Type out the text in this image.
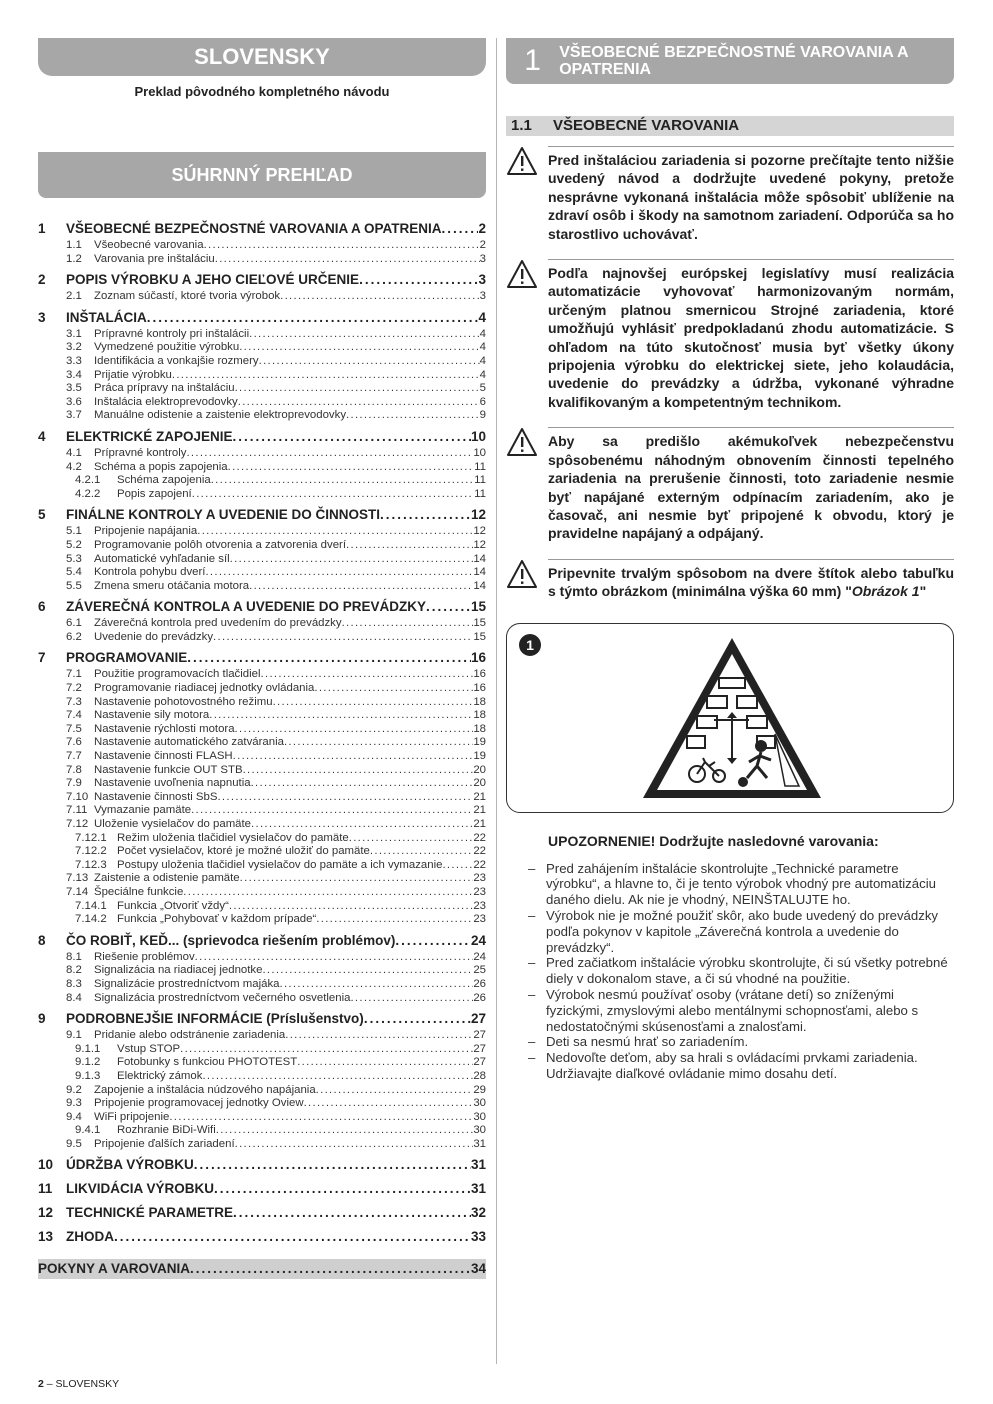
SLOVENSKY
Preklad pôvodného kompletného návodu
SÚHRNNÝ PREHĽAD
1	VŠEOBECNÉ BEZPEČNOSTNÉ VAROVANIA A OPATRENIA .....	2
1.1	Všeobecné varovania .....	2
1.2	Varovania pre inštaláciu .....	3
2	POPIS VÝROBKU A JEHO CIEĽOVÉ URČENIE .....	3
2.1	Zoznam súčastí, ktoré tvoria výrobok .....	3
3	INŠTALÁCIA .....	4
3.1	Prípravné kontroly pri inštalácii .....	4
3.2	Vymedzené použitie výrobku .....	4
3.3	Identifikácia a vonkajšie rozmery .....	4
3.4	Prijatie výrobku .....	4
3.5	Práca prípravy na inštaláciu .....	5
3.6	Inštalácia elektroprevodovky .....	6
3.7	Manuálne odistenie a zaistenie elektroprevodovky .....	9
4	ELEKTRICKÉ ZAPOJENIE .....	10
4.1	Prípravné kontroly .....	10
4.2	Schéma a popis zapojenia .....	11
4.2.1	Schéma zapojenia .....	11
4.2.2	Popis zapojení .....	11
5	FINÁLNE KONTROLY A UVEDENIE DO ČINNOSTI .....	12
5.1	Pripojenie napájania .....	12
5.2	Programovanie polôh otvorenia a zatvorenia dverí .....	12
5.3	Automatické vyhľadanie síl .....	14
5.4	Kontrola pohybu dverí .....	14
5.5	Zmena smeru otáčania motora .....	14
6	ZÁVEREČNÁ KONTROLA A UVEDENIE DO PREVÁDZKY .....	15
6.1	Záverečná kontrola pred uvedením do prevádzky .....	15
6.2	Uvedenie do prevádzky .....	15
7	PROGRAMOVANIE .....	16
7.1	Použitie programovacích tlačidiel .....	16
7.2	Programovanie riadiacej jednotky ovládania .....	16
7.3	Nastavenie pohotovostného režimu .....	18
7.4	Nastavenie sily motora .....	18
7.5	Nastavenie rýchlosti motora .....	18
7.6	Nastavenie automatického zatvárania .....	19
7.7	Nastavenie činnosti FLASH .....	19
7.8	Nastavenie funkcie OUT STB .....	20
7.9	Nastavenie uvoľnenia napnutia .....	20
7.10 Nastavenie činnosti SbS .....	21
7.11 Vymazanie pamäte .....	21
7.12 Uloženie vysielačov do pamäte .....	21
7.12.1 Režim uloženia tlačidiel vysielačov do pamäte .....	22
7.12.2 Počet vysielačov, ktoré je možné uložiť do pamäte .....	22
7.12.3 Postupy uloženia tlačidiel vysielačov do pamäte a ich vymazanie .....	22
7.13 Zaistenie a odistenie pamäte .....	23
7.14 Špeciálne funkcie .....	23
7.14.1 Funkcia „Otvoriť vždy“ .....	23
7.14.2 Funkcia „Pohybovať v každom prípade“ .....	23
8	ČO ROBIŤ, KEĎ... (sprievodca riešením problémov) .....	24
8.1	Riešenie problémov .....	24
8.2	Signalizácia na riadiacej jednotke .....	25
8.3	Signalizácie prostredníctvom majáka .....	26
8.4	Signalizácia prostredníctvom večerného osvetlenia .....	26
9	PODROBNEJŠIE INFORMÁCIE (Príslušenstvo) .....	27
9.1	Pridanie alebo odstránenie zariadenia .....	27
9.1.1	Vstup STOP .....	27
9.1.2	Fotobunky s funkciou PHOTOTEST .....	27
9.1.3	Elektrický zámok .....	28
9.2	Zapojenie a inštalácia núdzového napájania .....	29
9.3	Pripojenie programovacej jednotky Oview .....	30
9.4	WiFi pripojenie .....	30
9.4.1	Rozhranie BiDi-Wifi .....	30
9.5	Pripojenie ďalších zariadení .....	31
10 ÚDRŽBA VÝROBKU .....	31
11	LIKVIDÁCIA VÝROBKU .....	31
12 TECHNICKÉ PARAMETRE .....	32
13 ZHODA .....	33
POKYNY A VAROVANIA .....	34
1	VŠEOBECNÉ BEZPEČNOSTNÉ VAROVANIA A OPATRENIA
1.1 VŠEOBECNÉ VAROVANIA
Pred inštaláciou zariadenia si pozorne prečítajte tento nižšie uvedený návod a dodržujte uvedené pokyny, pretože nesprávne vykonaná inštalácia môže spôsobiť ublíženie na zdraví osôb i škody na samotnom zariadení. Odporúča sa ho starostlivo uchovávať.
Podľa najnovšej európskej legislatívy musí realizácia automatizácie vyhovovať harmonizovaným normám, určeným platnou smernicou Strojné zariadenia, ktoré umožňujú vyhlásiť predpokladanú zhodu automatizácie. S ohľadom na túto skutočnosť musia byť všetky úkony pripojenia výrobku do elektrickej siete, jeho kolaudácia, uvedenie do prevádzky a údržba, vykonané výhradne kvalifikovaným a kompetentným technikom.
Aby sa predišlo akémukoľvek nebezpečenstvu spôsobenému náhodným obnovením činnosti tepelného zariadenia na prerušenie činnosti, toto zariadenie nesmie byť napájané externým odpínacím zariadením, ako je časovač, ani nesmie byť pripojené k obvodu, ktorý je pravidelne napájaný a odpájaný.
Pripevnite trvalým spôsobom na dvere štítok alebo tabuľku s týmto obrázkom (minimálna výška 60 mm) "Obrázok 1"
1
UPOZORNENIE! Dodržujte nasledovné varovania:
– Pred zahájením inštalácie skontrolujte „Technické parametre výrobku“, a hlavne to, či je tento výrobok vhodný pre automatizáciu daného dielu. Ak nie je vhodný, NEINŠTALUJTE ho.
– Výrobok nie je možné použiť skôr, ako bude uvedený do prevádzky podľa pokynov v kapitole „Záverečná kontrola a uvedenie do prevádzky“.
– Pred začiatkom inštalácie výrobku skontrolujte, či sú všetky potrebné diely v dokonalom stave, a či sú vhodné na použitie.
– Výrobok nesmú používať osoby (vrátane detí) so zníženými fyzickými, zmyslovými alebo mentálnymi schopnosťami, alebo s nedostatočnými skúsenosťami a znalosťami.
– Deti sa nesmú hrať so zariadením.
– Nedovoľte deťom, aby sa hrali s ovládacími prvkami zariadenia. Udržiavajte diaľkové ovládanie mimo dosahu detí.
2 – SLOVENSKY
